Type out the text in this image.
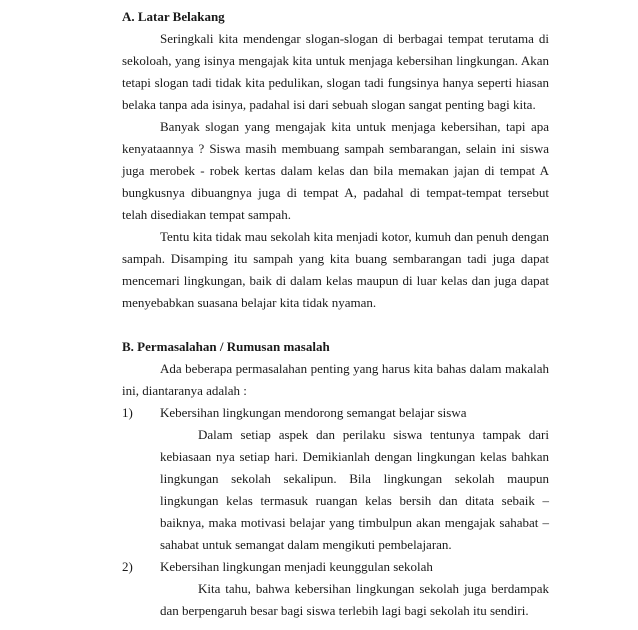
A. Latar Belakang

Seringkali kita mendengar slogan-slogan di berbagai tempat terutama di sekoloah, yang isinya mengajak kita untuk menjaga kebersihan lingkungan. Akan tetapi slogan tadi tidak kita pedulikan, slogan tadi fungsinya hanya seperti hiasan belaka tanpa ada isinya, padahal isi dari sebuah slogan sangat penting bagi kita.

Banyak slogan yang mengajak kita untuk menjaga kebersihan, tapi apa kenyataannya ? Siswa masih membuang sampah sembarangan, selain ini siswa juga merobek - robek kertas dalam kelas dan bila memakan jajan di tempat A bungkusnya dibuangnya juga di tempat A, padahal di tempat-tempat tersebut telah disediakan tempat sampah.

Tentu kita tidak mau sekolah kita menjadi kotor, kumuh dan penuh dengan sampah. Disamping itu sampah yang kita buang sembarangan tadi juga dapat mencemari lingkungan, baik di dalam kelas maupun di luar kelas dan juga dapat menyebabkan suasana belajar kita tidak nyaman.

B. Permasalahan / Rumusan masalah

Ada beberapa permasalahan penting yang harus kita bahas dalam makalah ini, diantaranya adalah :

1)	Kebersihan lingkungan mendorong semangat belajar siswa

Dalam setiap aspek dan perilaku siswa tentunya tampak dari kebiasaan nya setiap hari. Demikianlah dengan lingkungan kelas bahkan lingkungan sekolah sekalipun. Bila lingkungan sekolah maupun lingkungan kelas termasuk ruangan kelas bersih dan ditata sebaik – baiknya, maka motivasi belajar yang timbulpun akan mengajak sahabat – sahabat untuk semangat dalam mengikuti pembelajaran.

2)	Kebersihan lingkungan menjadi keunggulan sekolah

Kita tahu, bahwa kebersihan lingkungan sekolah juga berdampak dan berpengaruh besar bagi siswa terlebih lagi bagi sekolah itu sendiri.
